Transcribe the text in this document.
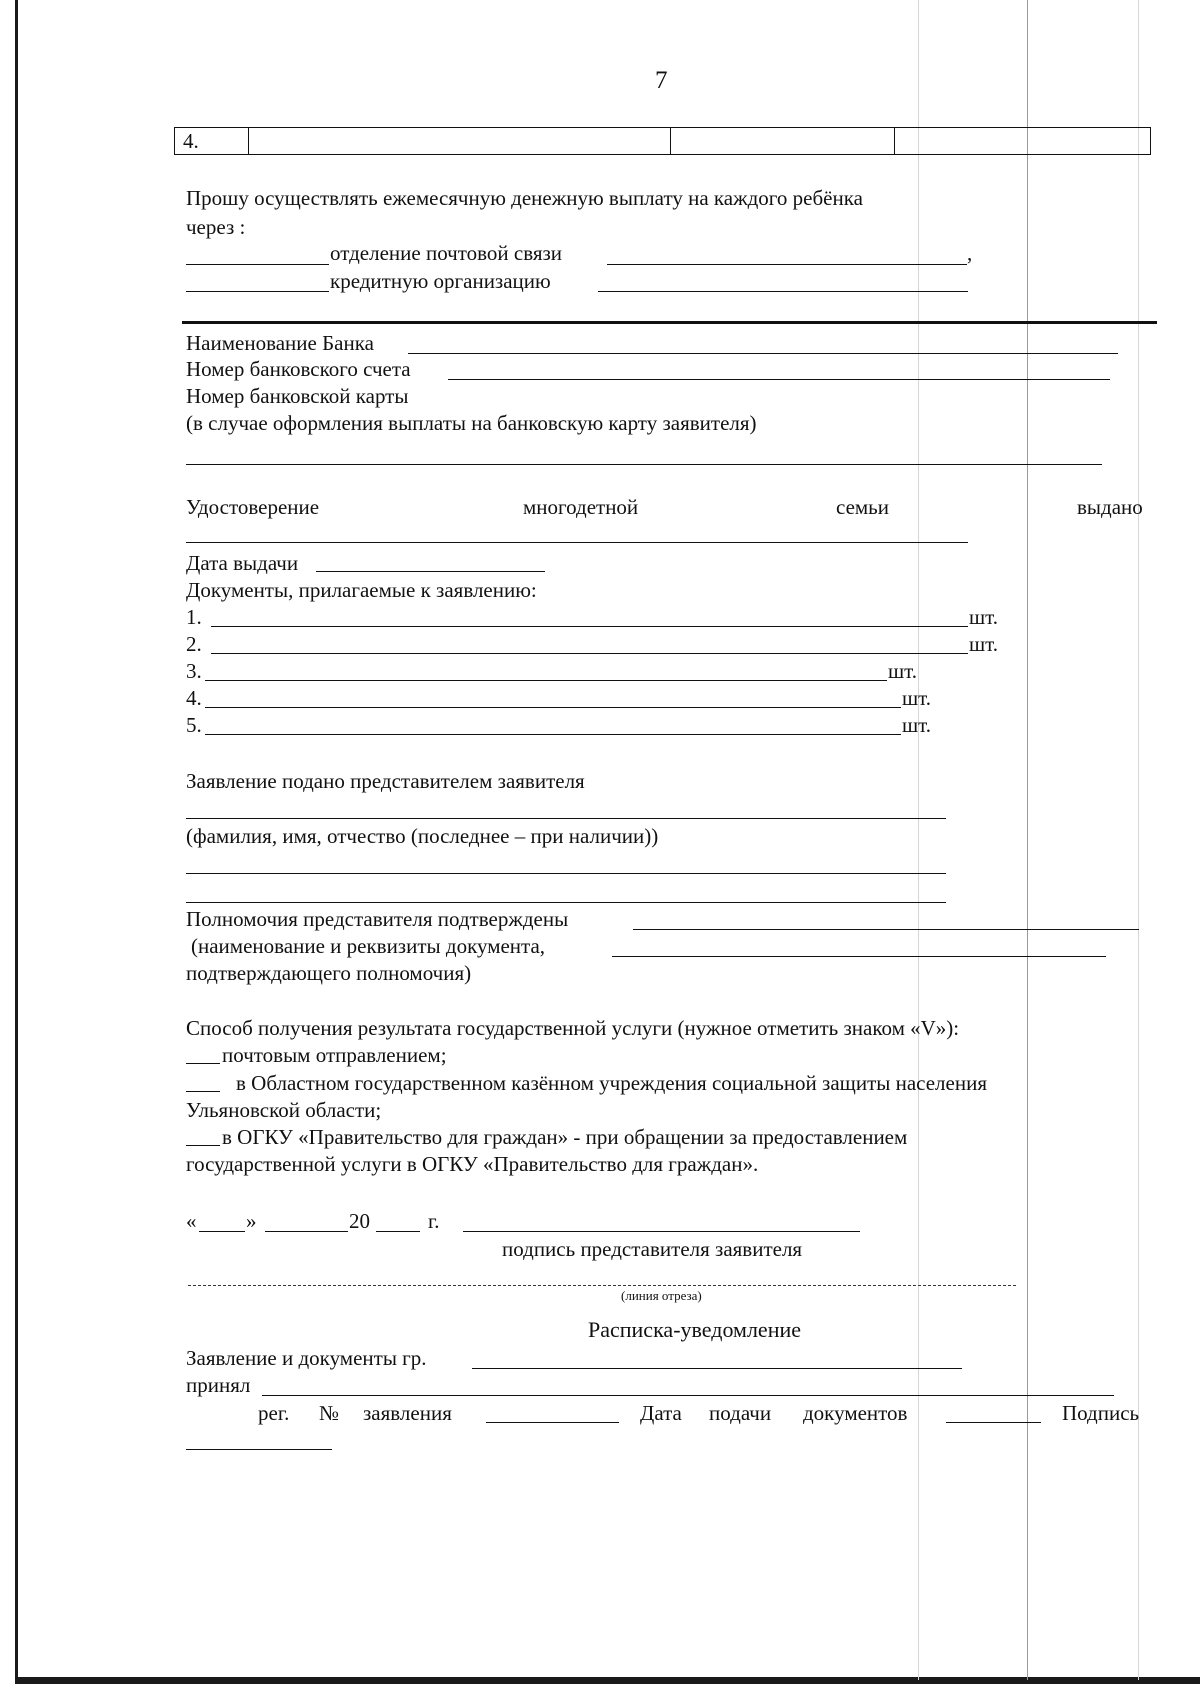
7
4.			
Прошу осуществлять ежемесячную денежную выплату на каждого ребёнка
через :
отделение почтовой связи	,
кредитную организацию
Наименование Банка
Номер банковского счета
Номер банковской карты
(в случае оформления выплаты на банковскую карту заявителя)
Удостоверение	многодетной	семьи	выдано
Дата выдачи
Документы, прилагаемые к заявлению:
1.	шт.
2.	шт.
3.	шт.
4.	шт.
5.	шт.
Заявление подано представителем заявителя
(фамилия, имя, отчество (последнее – при наличии))
Полномочия представителя подтверждены
(наименование и реквизиты документа,
подтверждающего полномочия)
Способ получения результата государственной услуги (нужное отметить знаком «V»):
почтовым отправлением;
в Областном государственном казённом учреждения социальной защиты населения
Ульяновской области;
в ОГКУ «Правительство для граждан» - при обращении за предоставлением
государственной услуги в ОГКУ «Правительство для граждан».
« »	20	г.
подпись представителя заявителя
(линия отреза)
Расписка-уведомление
Заявление и документы гр.
принял
рег. № заявления	Дата подачи документов	Подпись
